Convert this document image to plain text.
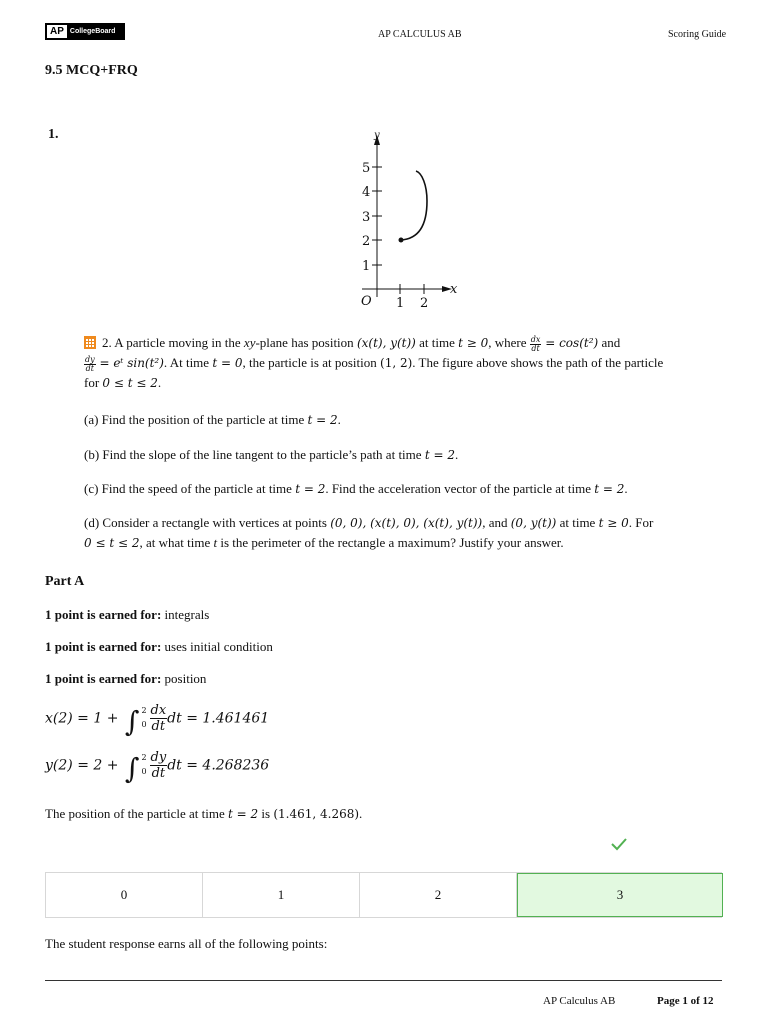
AP CollegeBoard	AP CALCULUS AB	Scoring Guide
9.5 MCQ+FRQ
1.	y
x
O
1
2
3
4
5
1 2
2. A particle moving in the xy-plane has position (x(t), y(t)) at time t ≥ 0, where $\frac{dx}{dt} = \cos(t^2)$ and

$\frac{dy}{dt}$ = eᵗ sin(t²). At time t = 0, the particle is at position (1, 2). The figure above shows the path of the particle
for 0 ≤ t ≤ 2.
(a) Find the position of the particle at time t = 2.
(b) Find the slope of the line tangent to the particle’s path at time t = 2.
(c) Find the speed of the particle at time t = 2. Find the acceleration vector of the particle at time t = 2.
(d) Consider a rectangle with vertices at points (0, 0), (x(t), 0), (x(t), y(t)), and (0, y(t)) at time t ≥ 0. For
0 ≤ t ≤ 2, at what time t is the perimeter of the rectangle a maximum? Justify your answer.
Part A
1 point is earned for: integrals
1 point is earned for: uses initial condition
1 point is earned for: position
x(2) = 1 + ∫ 2
$0 \frac{dx}{dt}$ dt = 1.461461
y(2) = 2 + ∫ 2
$0 \frac{dy}{dt}$ dt = 4.268236
The position of the particle at time t = 2 is (1.461, 4.268).
0	1	2	3
The student response earns all of the following points:
AP Calculus AB	Page 1 of 12
